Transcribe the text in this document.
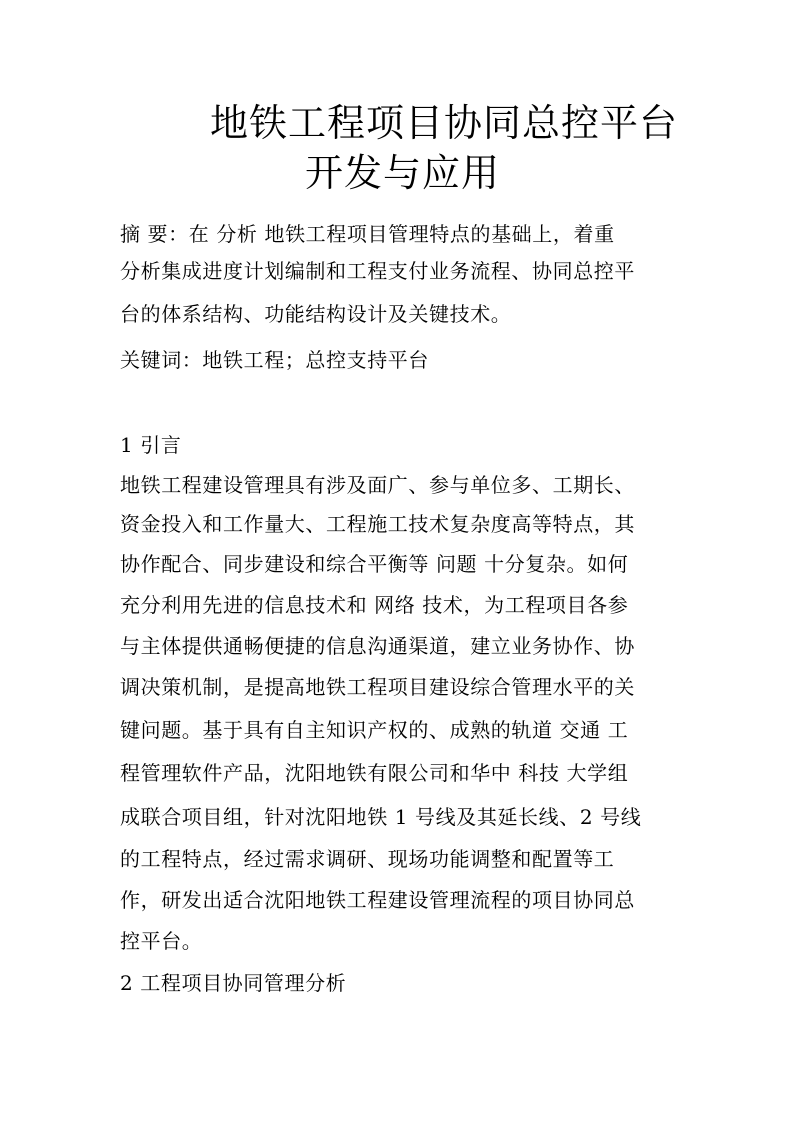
地铁工程项目协同总控平台
开发与应用
摘 要：在 分析 地铁工程项目管理特点的基础上，着重
分析集成进度计划编制和工程支付业务流程、协同总控平
台的体系结构、功能结构设计及关键技术。
关键词：地铁工程；总控支持平台
1 引言
地铁工程建设管理具有涉及面广、参与单位多、工期长、
资金投入和工作量大、工程施工技术复杂度高等特点，其
协作配合、同步建设和综合平衡等 问题 十分复杂。如何
充分利用先进的信息技术和 网络 技术，为工程项目各参
与主体提供通畅便捷的信息沟通渠道，建立业务协作、协
调决策机制，是提高地铁工程项目建设综合管理水平的关
键问题。基于具有自主知识产权的、成熟的轨道 交通 工
程管理软件产品，沈阳地铁有限公司和华中 科技 大学组
成联合项目组，针对沈阳地铁 1 号线及其延长线、2 号线
的工程特点，经过需求调研、现场功能调整和配置等工
作，研发出适合沈阳地铁工程建设管理流程的项目协同总
控平台。
2 工程项目协同管理分析
